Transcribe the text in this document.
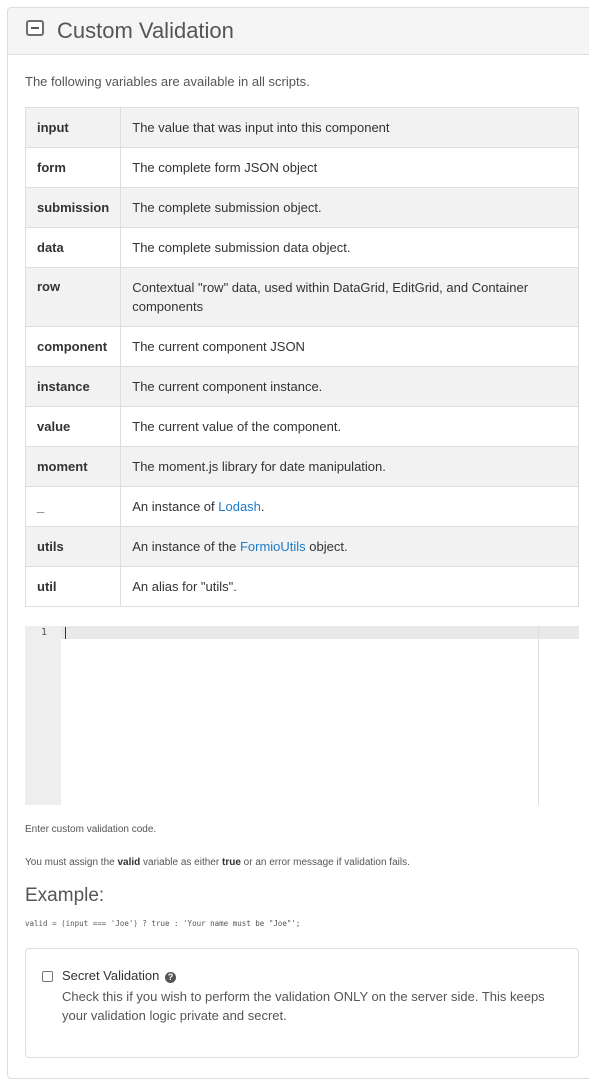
Custom Validation
The following variables are available in all scripts.
input	The value that was input into this component
form	The complete form JSON object
submission	The complete submission object.
data	The complete submission data object.
row	Contextual "row" data, used within DataGrid, EditGrid, and Container components
component	The current component JSON
instance	The current component instance.
value	The current value of the component.
moment	The moment.js library for date manipulation.
_	An instance of Lodash.
utils	An instance of the FormioUtils object.
util	An alias for "utils".
1
Enter custom validation code.
You must assign the valid variable as either true or an error message if validation fails.
Example:
valid = (input === 'Joe') ? true : 'Your name must be "Joe"';
Secret Validation ?
Check this if you wish to perform the validation ONLY on the server side. This keeps your validation logic private and secret.
